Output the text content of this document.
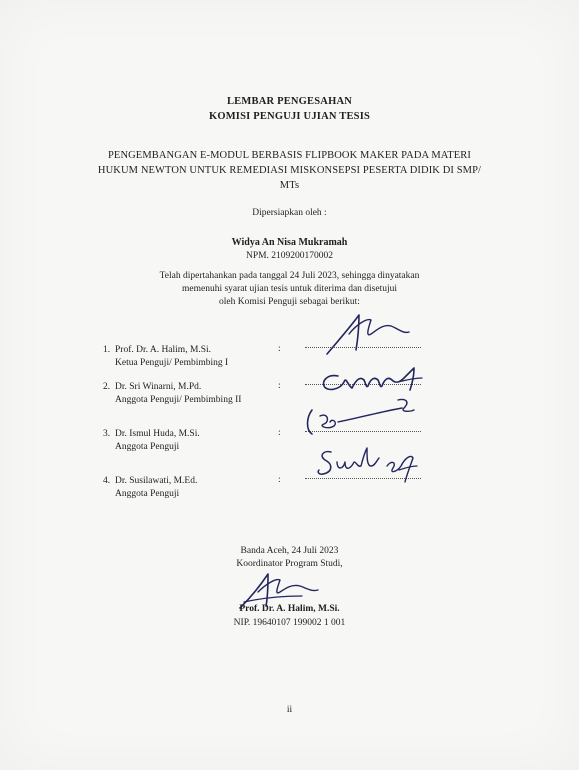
LEMBAR PENGESAHAN
KOMISI PENGUJI UJIAN TESIS
PENGEMBANGAN E-MODUL BERBASIS FLIPBOOK MAKER PADA MATERI
HUKUM NEWTON UNTUK REMEDIASI MISKONSEPSI PESERTA DIDIK DI SMP/
MTs
Dipersiapkan oleh :
Widya An Nisa Mukramah
NPM. 2109200170002
Telah dipertahankan pada tanggal 24 Juli 2023, sehingga dinyatakan
memenuhi syarat ujian tesis untuk diterima dan disetujui
oleh Komisi Penguji sebagai berikut:
1. Prof. Dr. A. Halim, M.Si.
Ketua Penguji/ Pembimbing I
:
2. Dr. Sri Winarni, M.Pd.
Anggota Penguji/ Pembimbing II
:
3. Dr. Ismul Huda, M.Si.
Anggota Penguji
:
4. Dr. Susilawati, M.Ed.
Anggota Penguji
:
Banda Aceh, 24 Juli 2023
Koordinator Program Studi,
Prof. Dr. A. Halim, M.Si.
NIP. 19640107 199002 1 001
ii
